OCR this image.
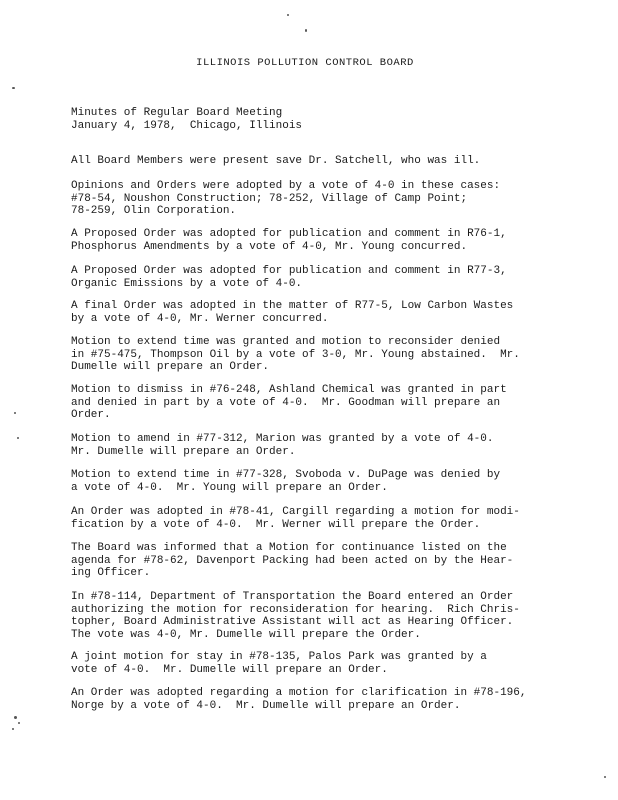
ILLINOIS POLLUTION CONTROL BOARD
Minutes of Regular Board Meeting
January 4, 1978,  Chicago, Illinois
All Board Members were present save Dr. Satchell, who was ill.
Opinions and Orders were adopted by a vote of 4-0 in these cases:
#78-54, Noushon Construction; 78-252, Village of Camp Point;
78-259, Olin Corporation.
A Proposed Order was adopted for publication and comment in R76-1,
Phosphorus Amendments by a vote of 4-0, Mr. Young concurred.
A Proposed Order was adopted for publication and comment in R77-3,
Organic Emissions by a vote of 4-0.
A final Order was adopted in the matter of R77-5, Low Carbon Wastes
by a vote of 4-0, Mr. Werner concurred.
Motion to extend time was granted and motion to reconsider denied
in #75-475, Thompson Oil by a vote of 3-0, Mr. Young abstained.  Mr.
Dumelle will prepare an Order.
Motion to dismiss in #76-248, Ashland Chemical was granted in part
and denied in part by a vote of 4-0.  Mr. Goodman will prepare an
Order.
Motion to amend in #77-312, Marion was granted by a vote of 4-0.
Mr. Dumelle will prepare an Order.
Motion to extend time in #77-328, Svoboda v. DuPage was denied by
a vote of 4-0.  Mr. Young will prepare an Order.
An Order was adopted in #78-41, Cargill regarding a motion for modi-
fication by a vote of 4-0.  Mr. Werner will prepare the Order.
The Board was informed that a Motion for continuance listed on the
agenda for #78-62, Davenport Packing had been acted on by the Hear-
ing Officer.
In #78-114, Department of Transportation the Board entered an Order
authorizing the motion for reconsideration for hearing.  Rich Chris-
topher, Board Administrative Assistant will act as Hearing Officer.
The vote was 4-0, Mr. Dumelle will prepare the Order.
A joint motion for stay in #78-135, Palos Park was granted by a
vote of 4-0.  Mr. Dumelle will prepare an Order.
An Order was adopted regarding a motion for clarification in #78-196,
Norge by a vote of 4-0.  Mr. Dumelle will prepare an Order.
